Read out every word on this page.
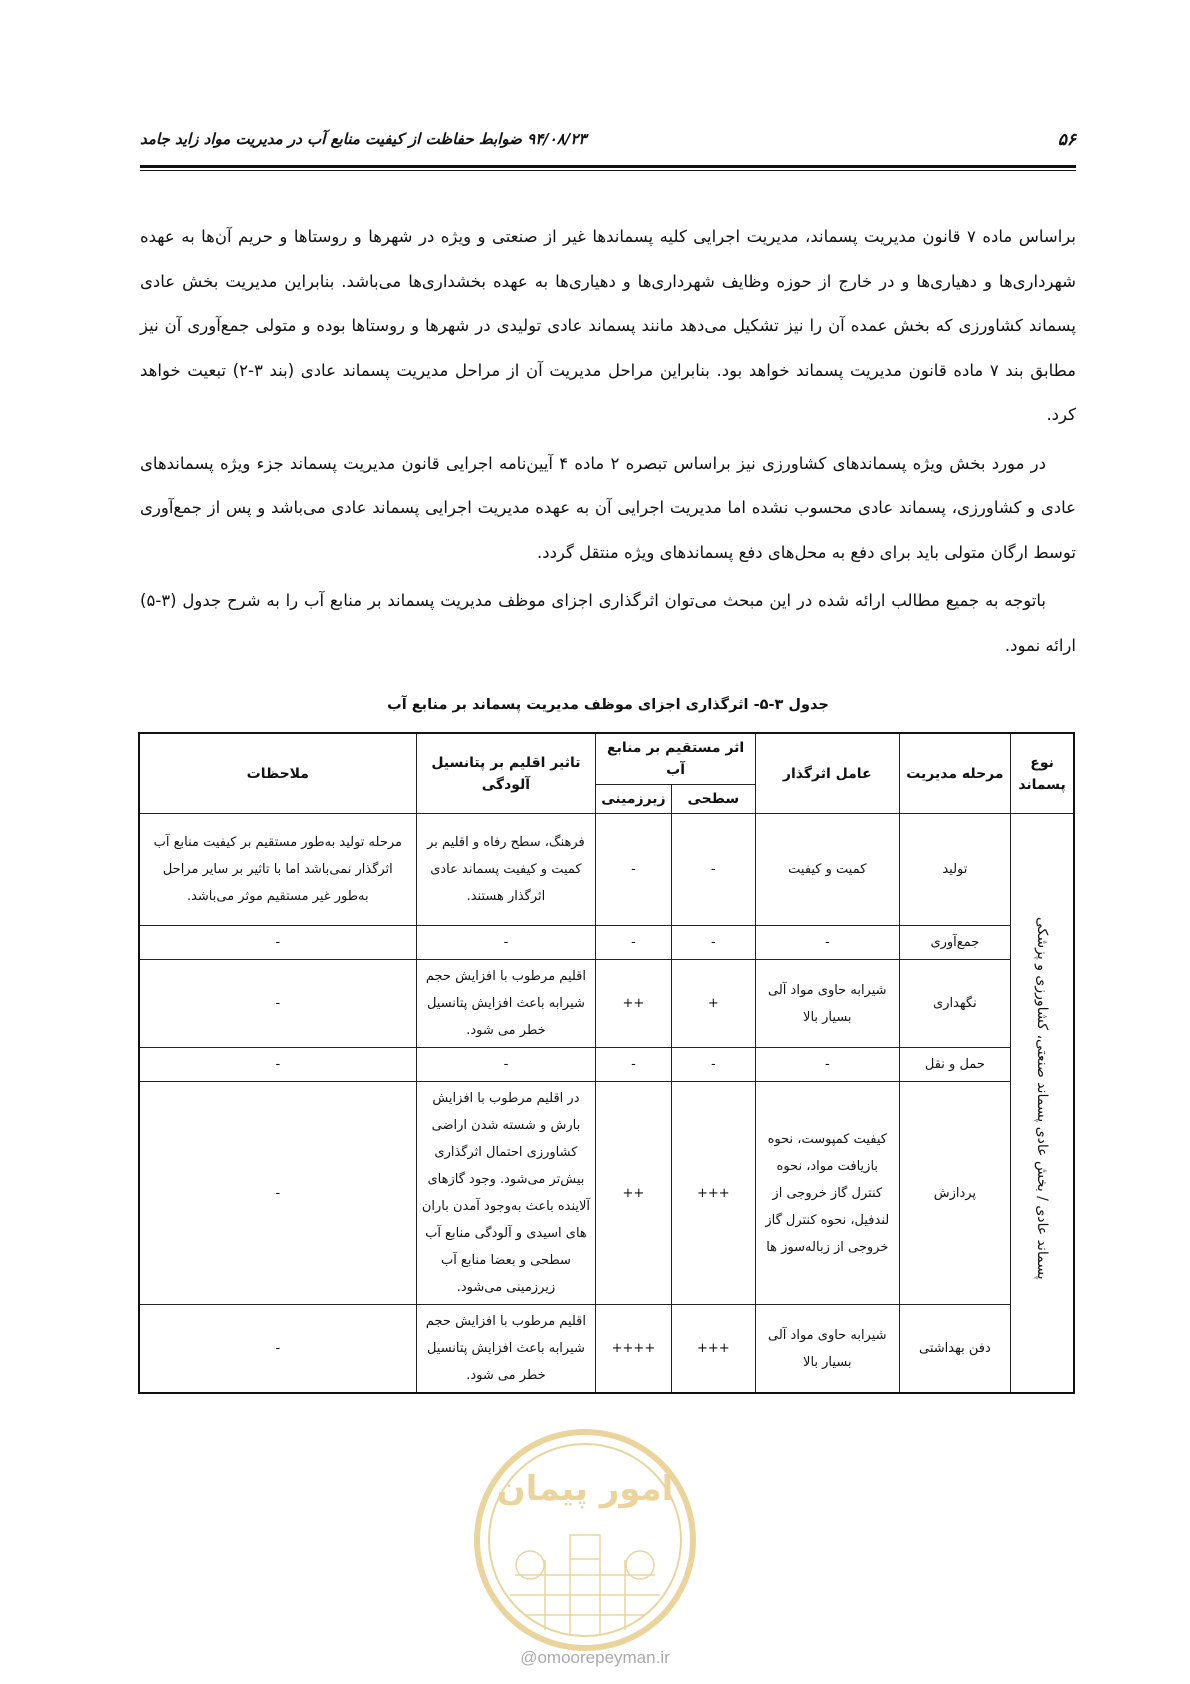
۵۶
۹۴/۰۸/۲۳ ضوابط حفاظت از کیفیت منابع آب در مدیریت مواد زاید جامد

براساس ماده ۷ قانون مدیریت پسماند، مدیریت اجرایی کلیه پسماندها غیر از صنعتی و ویژه در شهرها و روستاها و حریم آن‌ها به عهده شهرداری‌ها و دهیاری‌ها و در خارج از حوزه وظایف شهرداری‌ها و دهیاری‌ها به عهده بخشداری‌ها می‌باشد. بنابراین مدیریت بخش عادی پسماند کشاورزی که بخش عمده آن را نیز تشکیل می‌دهد مانند پسماند عادی تولیدی در شهرها و روستاها بوده و متولی جمع‌آوری آن نیز مطابق بند ۷ ماده قانون مدیریت پسماند خواهد بود. بنابراین مراحل مدیریت آن از مراحل مدیریت پسماند عادی (بند ۳-۲) تبعیت خواهد کرد.

در مورد بخش ویژه پسماندهای کشاورزی نیز براساس تبصره ۲ ماده ۴ آیین‌نامه اجرایی قانون مدیریت پسماند جزء ویژه پسماندهای عادی و کشاورزی، پسماند عادی محسوب نشده اما مدیریت اجرایی آن به عهده مدیریت اجرایی پسماند عادی می‌باشد و پس از جمع‌آوری توسط ارگان متولی باید برای دفع به محل‌های دفع پسماندهای ویژه منتقل گردد.

باتوجه به جمیع مطالب ارائه شده در این مبحث می‌توان اثرگذاری اجزای موظف مدیریت پسماند بر منابع آب را به شرح جدول (۳-۵) ارائه نمود.

جدول ۳-۵- اثرگذاری اجزای موظف مدیریت پسماند بر منابع آب
نوع پسماند	مرحله مدیریت	عامل اثرگذار	اثر مستقیم بر منابع آب		تاثیر اقلیم بر پتانسیل آلودگی	ملاحظات
			سطحی	زیرزمینی		
پسماند عادی / بخش عادی پسماند صنعتی، کشاورزی و پزشکی	تولید	کمیت و کیفیت	-	-	فرهنگ، سطح رفاه و اقلیم بر کمیت و کیفیت پسماند عادی اثرگذار هستند.	مرحله تولید به‌طور مستقیم بر کیفیت منابع آب اثرگذار نمی‌باشد اما با تاثیر بر سایر مراحل به‌طور غیر مستقیم موثر می‌باشد.
	جمع‌آوری	-	-	-	-	-
	نگهداری	شیرابه حاوی مواد آلی بسیار بالا	+	++	اقلیم مرطوب با افزایش حجم شیرابه باعث افزایش پتانسیل خطر می شود.	-
	حمل و نقل	-	-	-	-	-
	پردازش	کیفیت کمپوست، نحوه بازیافت مواد، نحوه کنترل گاز خروجی از لندفیل، نحوه کنترل گاز خروجی از زباله‌سوز ها	+++	++	در اقلیم مرطوب با افزایش بارش و شسته شدن اراضی کشاورزی احتمال اثرگذاری بیش‌تر می‌شود. وجود گازهای آلاینده باعث به‌وجود آمدن باران های اسیدی و آلودگی منابع آب سطحی و بعضا منابع آب زیرزمینی می‌شود.	-
	دفن بهداشتی	شیرابه حاوی مواد آلی بسیار بالا	+++	++++	اقلیم مرطوب با افزایش حجم شیرابه باعث افزایش پتانسیل خطر می شود.	-
امور پیمان
@omoorepeyman.ir
